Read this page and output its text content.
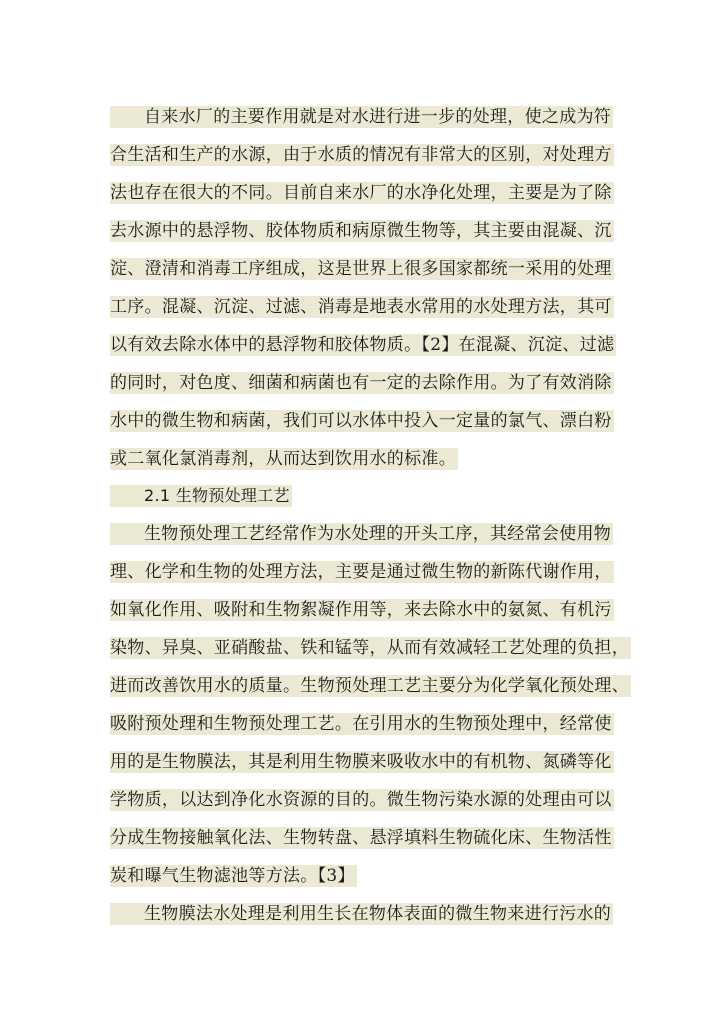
自来水厂的主要作用就是对水进行进一步的处理，使之成为符
合生活和生产的水源，由于水质的情况有非常大的区别，对处理方
法也存在很大的不同。目前自来水厂的水净化处理，主要是为了除
去水源中的悬浮物、胶体物质和病原微生物等，其主要由混凝、沉
淀、澄清和消毒工序组成，这是世界上很多国家都统一采用的处理
工序。混凝、沉淀、过滤、消毒是地表水常用的水处理方法，其可
以有效去除水体中的悬浮物和胶体物质。【2】在混凝、沉淀、过滤
的同时，对色度、细菌和病菌也有一定的去除作用。为了有效消除
水中的微生物和病菌，我们可以水体中投入一定量的氯气、漂白粉
或二氧化氯消毒剂，从而达到饮用水的标准。
2.1 生物预处理工艺
生物预处理工艺经常作为水处理的开头工序，其经常会使用物
理、化学和生物的处理方法，主要是通过微生物的新陈代谢作用，
如氧化作用、吸附和生物絮凝作用等，来去除水中的氨氮、有机污
染物、异臭、亚硝酸盐、铁和锰等，从而有效减轻工艺处理的负担，
进而改善饮用水的质量。生物预处理工艺主要分为化学氧化预处理、
吸附预处理和生物预处理工艺。在引用水的生物预处理中，经常使
用的是生物膜法，其是利用生物膜来吸收水中的有机物、氮磷等化
学物质，以达到净化水资源的目的。微生物污染水源的处理由可以
分成生物接触氧化法、生物转盘、悬浮填料生物硫化床、生物活性
炭和曝气生物滤池等方法。【3】
生物膜法水处理是利用生长在物体表面的微生物来进行污水的
